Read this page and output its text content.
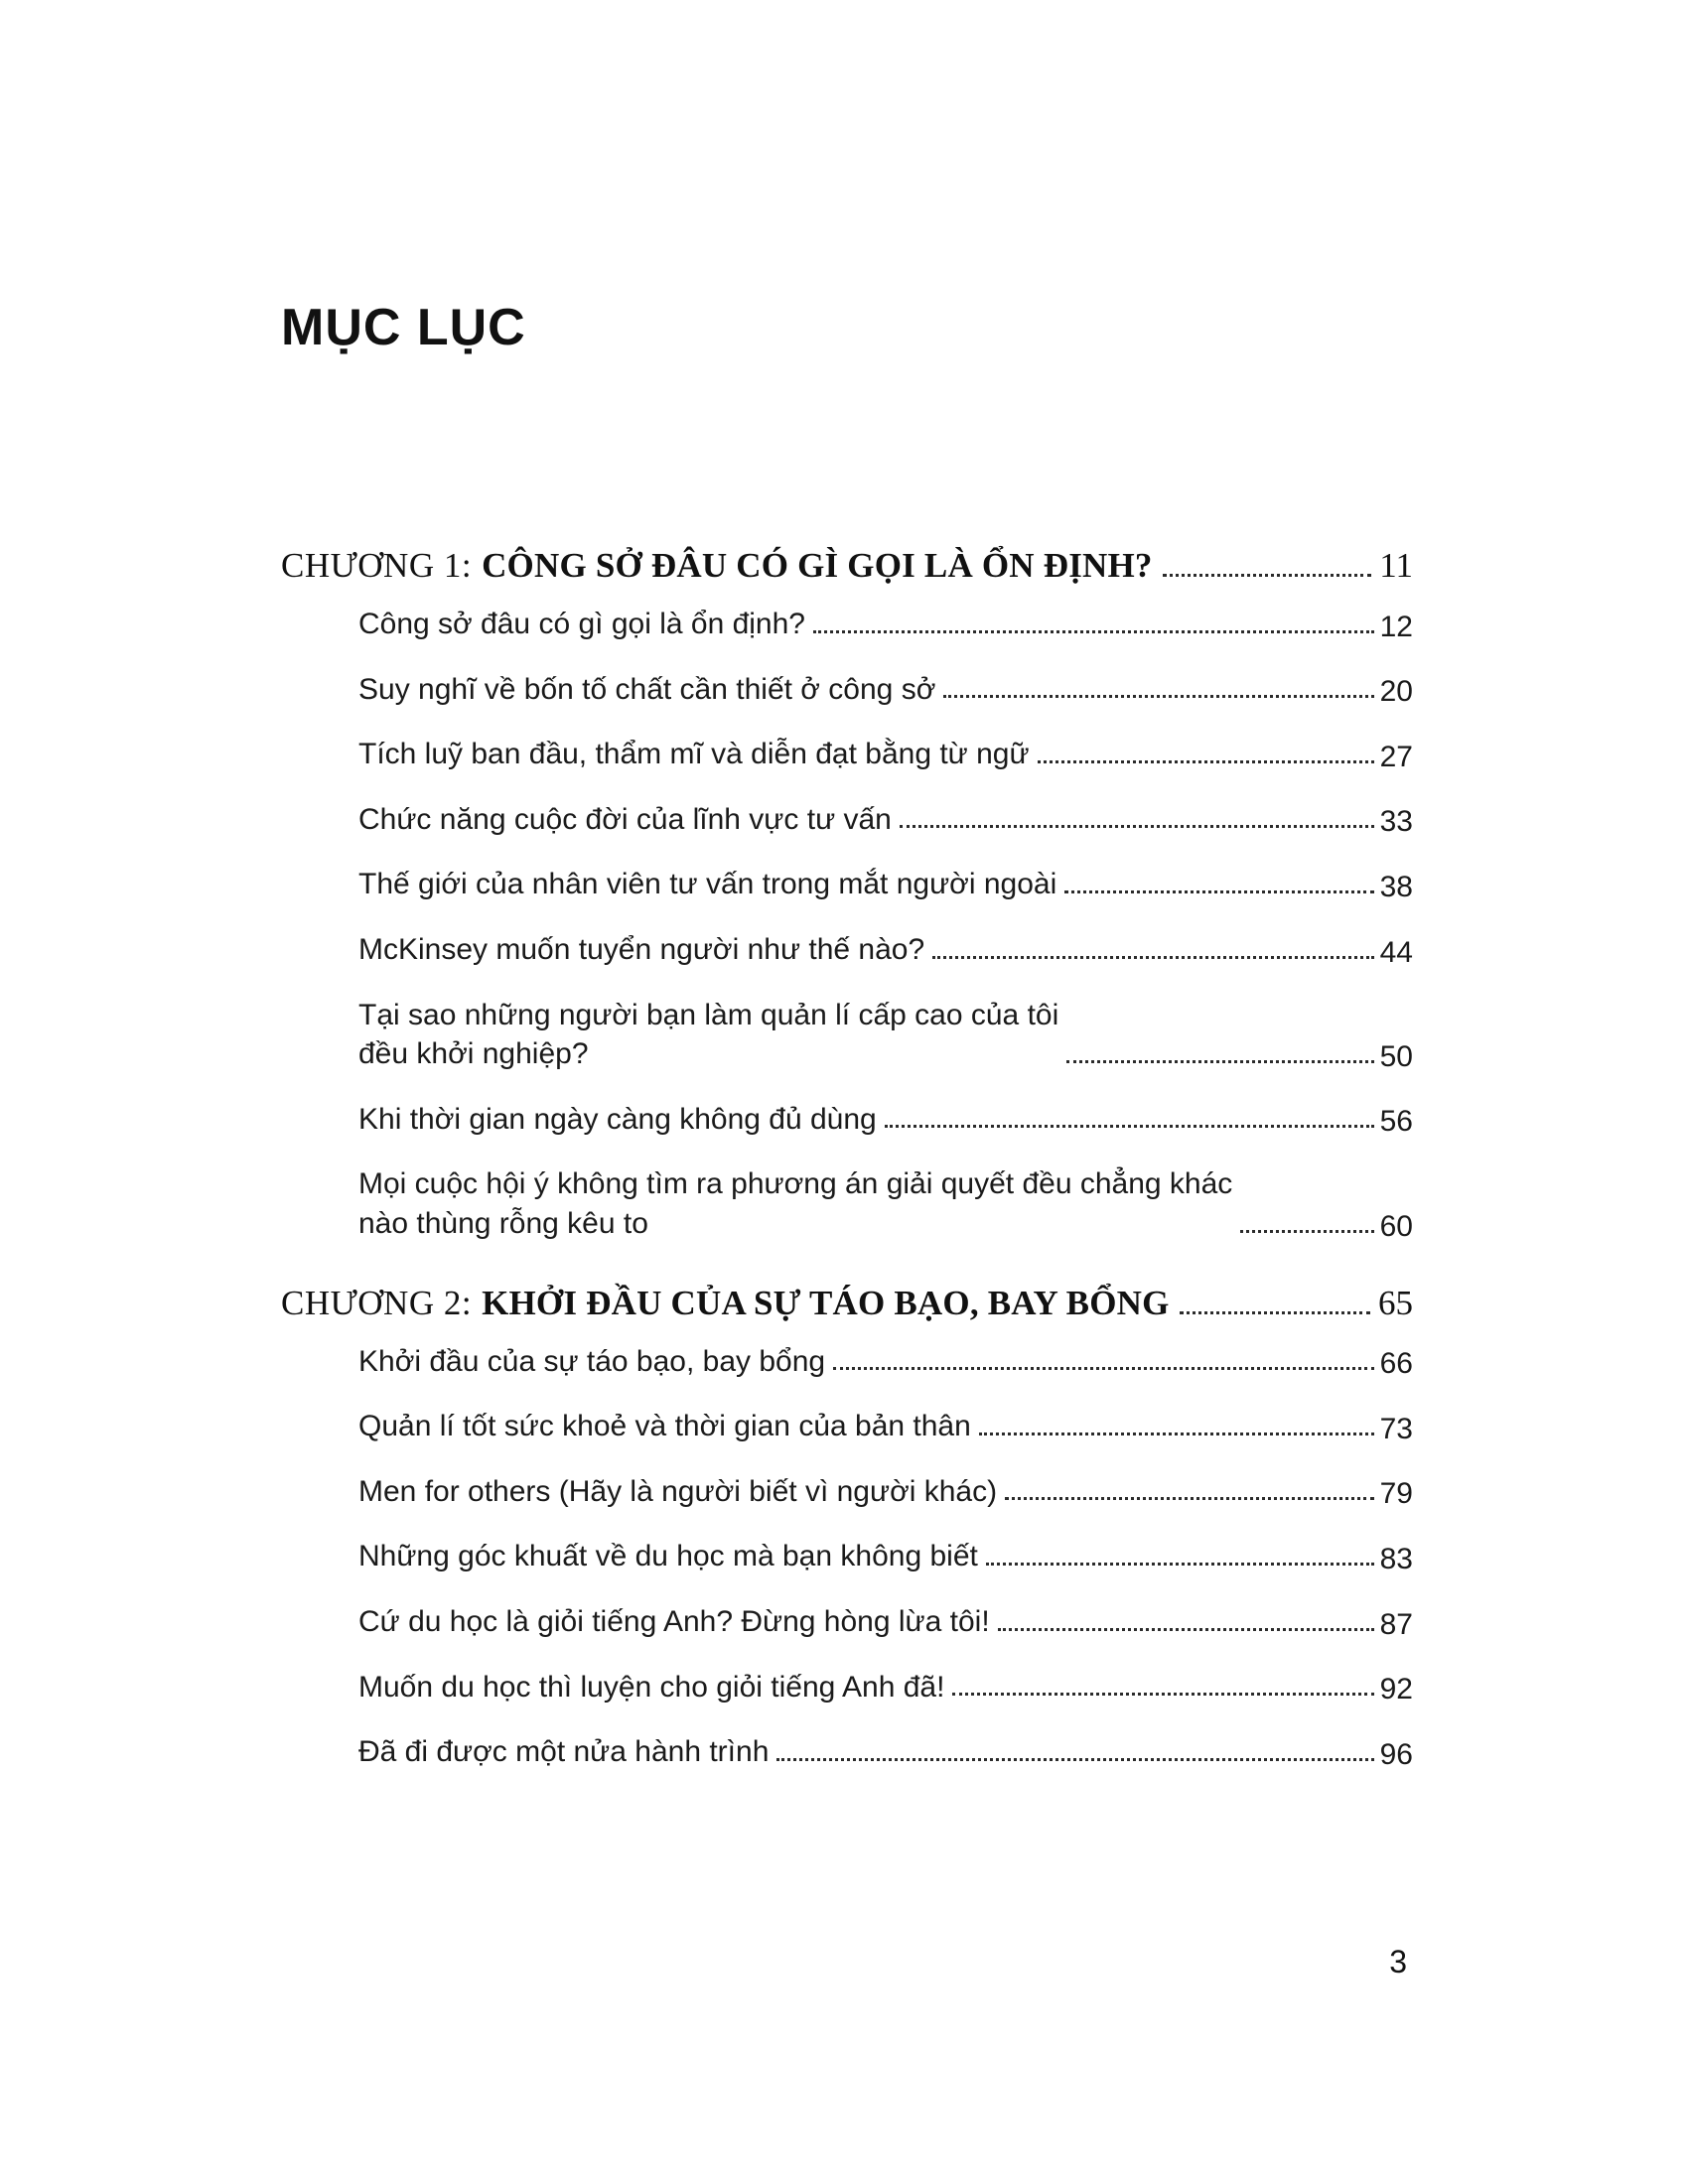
MỤC LỤC
CHƯƠNG 1: CÔNG SỞ ĐÂU CÓ GÌ GỌI LÀ ỔN ĐỊNH?	11
Công sở đâu có gì gọi là ổn định?	12
Suy nghĩ về bốn tố chất cần thiết ở công sở	20
Tích luỹ ban đầu, thẩm mĩ và diễn đạt bằng từ ngữ	27
Chức năng cuộc đời của lĩnh vực tư vấn	33
Thế giới của nhân viên tư vấn trong mắt người ngoài	38
McKinsey muốn tuyển người như thế nào?	44
Tại sao những người bạn làm quản lí cấp cao của tôi
đều khởi nghiệp?	50
Khi thời gian ngày càng không đủ dùng	56
Mọi cuộc hội ý không tìm ra phương án giải quyết đều chẳng khác
nào thùng rỗng kêu to	60
CHƯƠNG 2: KHỞI ĐẦU CỦA SỰ TÁO BẠO, BAY BỔNG	65
Khởi đầu của sự táo bạo, bay bổng	66
Quản lí tốt sức khoẻ và thời gian của bản thân	73
Men for others (Hãy là người biết vì người khác)	79
Những góc khuất về du học mà bạn không biết	83
Cứ du học là giỏi tiếng Anh? Đừng hòng lừa tôi!	87
Muốn du học thì luyện cho giỏi tiếng Anh đã!	92
Đã đi được một nửa hành trình	96
3
